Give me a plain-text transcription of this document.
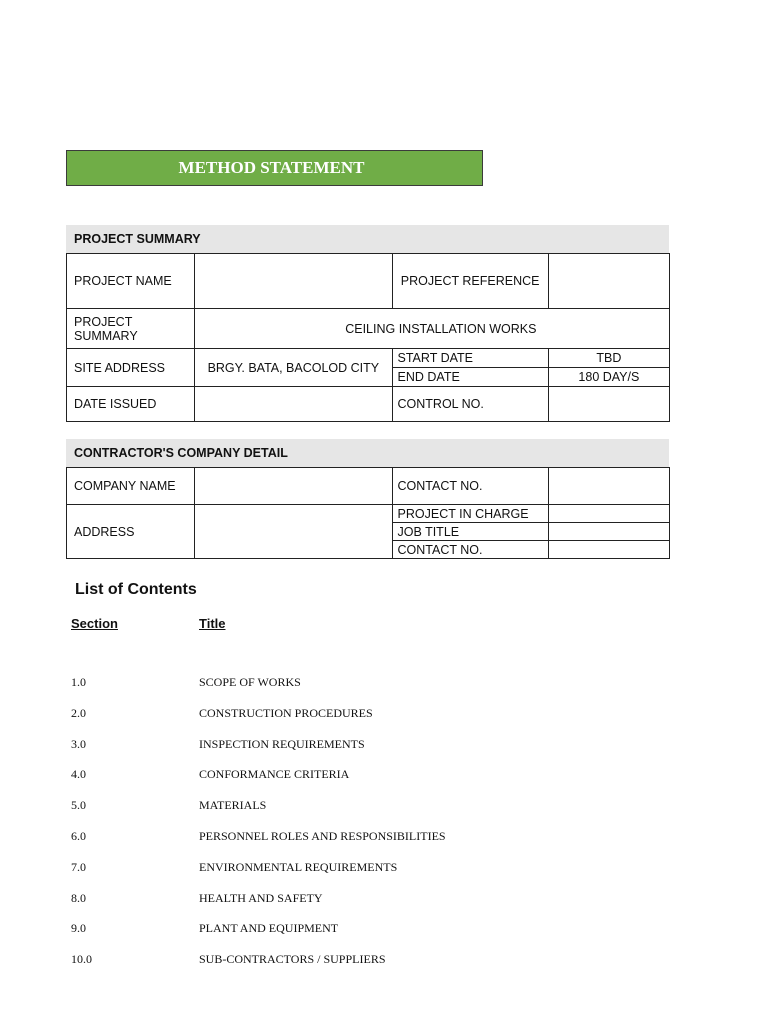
METHOD STATEMENT
PROJECT SUMMARY
PROJECT NAME		PROJECT REFERENCE	
PROJECT SUMMARY	CEILING INSTALLATION WORKS		
SITE ADDRESS	BRGY. BATA, BACOLOD CITY	START DATE	TBD
		END DATE	180 DAY/S
DATE ISSUED		CONTROL NO.	
CONTRACTOR'S COMPANY DETAIL
COMPANY NAME		CONTACT NO.	
ADDRESS		PROJECT IN CHARGE	
		JOB TITLE	
		CONTACT NO.	
List of Contents
Section	Title
1.0	SCOPE OF WORKS
2.0	CONSTRUCTION PROCEDURES
3.0	INSPECTION REQUIREMENTS
4.0	CONFORMANCE CRITERIA
5.0	MATERIALS
6.0	PERSONNEL ROLES AND RESPONSIBILITIES
7.0	ENVIRONMENTAL REQUIREMENTS
8.0	HEALTH AND SAFETY
9.0	PLANT AND EQUIPMENT
10.0	SUB-CONTRACTORS / SUPPLIERS
